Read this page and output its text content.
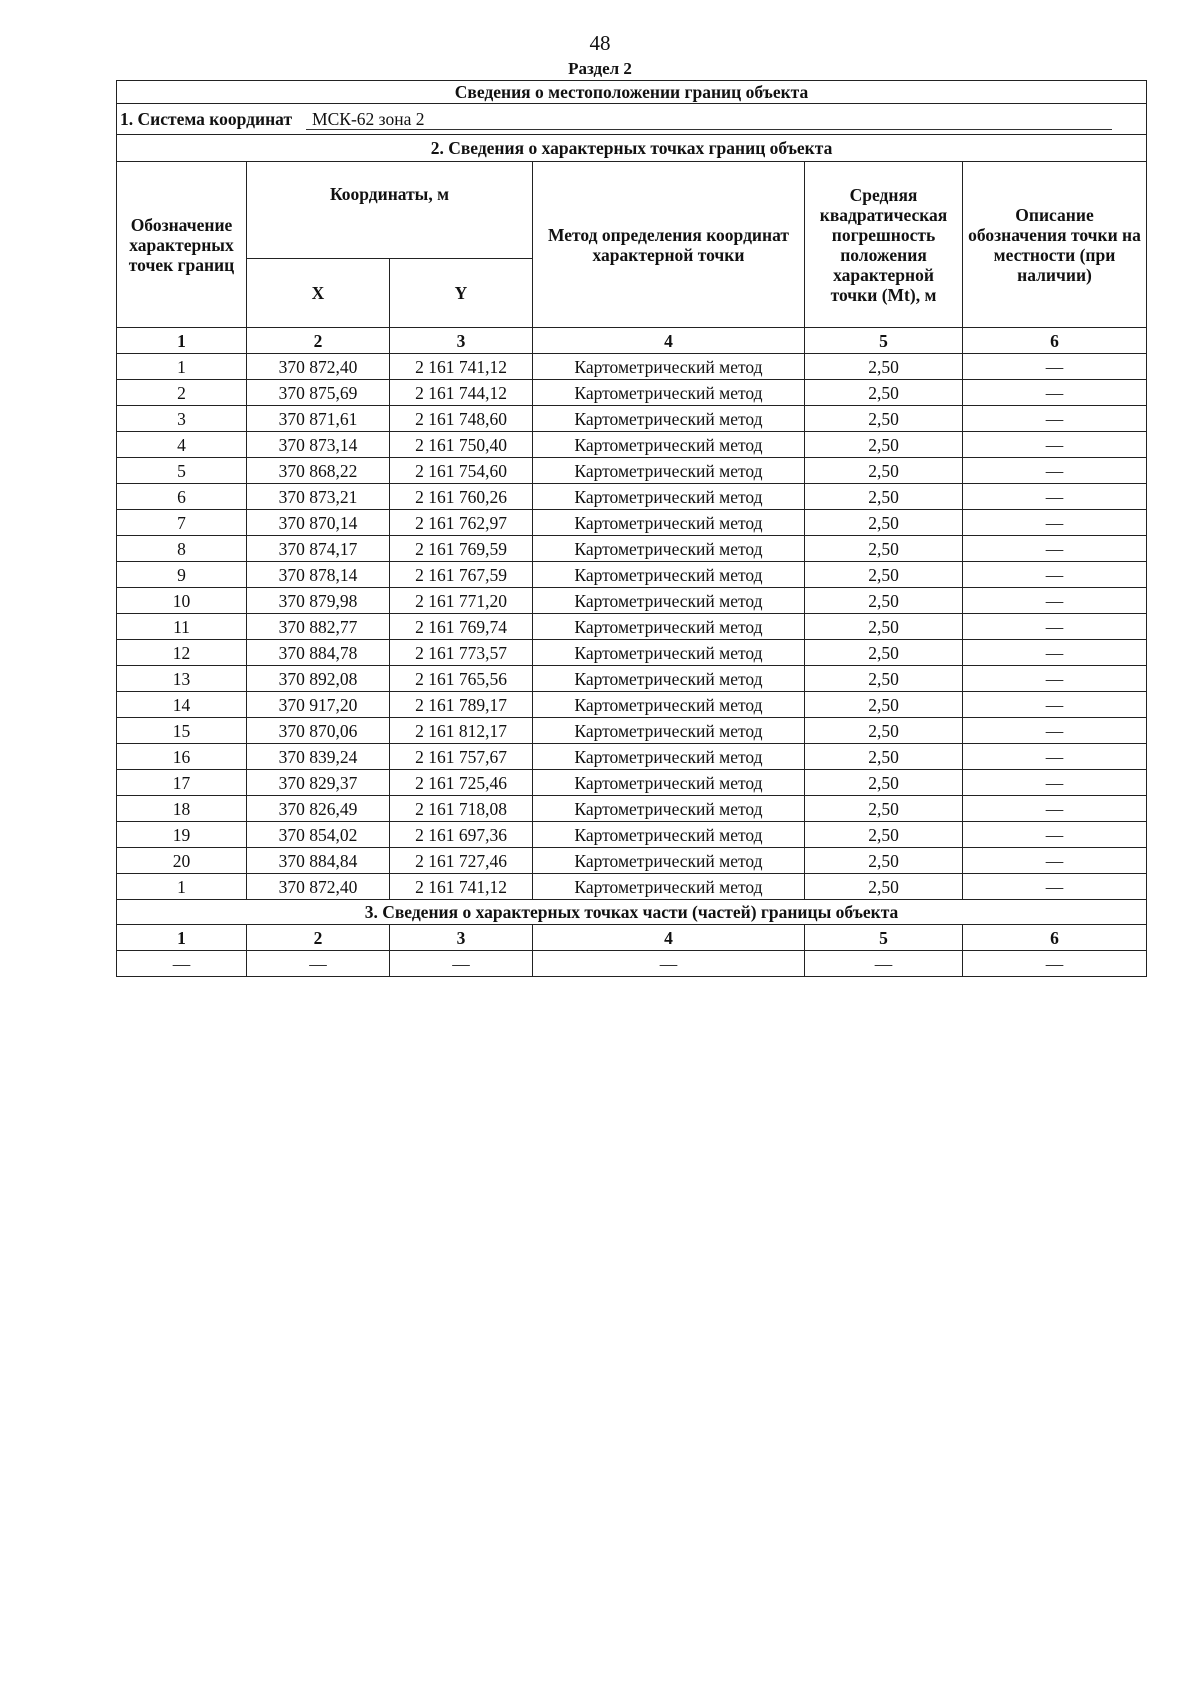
48
Раздел 2
Сведения о местоположении границ объекта					
1. Система координат МСК-62 зона 2					
2. Сведения о характерных точках границ объекта					
Обозначение характерных точек границ	Координаты, м		Метод определения координат характерной точки	Средняя квадратическая погрешность положения характерной точки (Mt), м	Описание обозначения точки на местности (при наличии)
	X	Y			
1	2	3	4	5	6
1	370 872,40	2 161 741,12	Картометрический метод	2,50	—
2	370 875,69	2 161 744,12	Картометрический метод	2,50	—
3	370 871,61	2 161 748,60	Картометрический метод	2,50	—
4	370 873,14	2 161 750,40	Картометрический метод	2,50	—
5	370 868,22	2 161 754,60	Картометрический метод	2,50	—
6	370 873,21	2 161 760,26	Картометрический метод	2,50	—
7	370 870,14	2 161 762,97	Картометрический метод	2,50	—
8	370 874,17	2 161 769,59	Картометрический метод	2,50	—
9	370 878,14	2 161 767,59	Картометрический метод	2,50	—
10	370 879,98	2 161 771,20	Картометрический метод	2,50	—
11	370 882,77	2 161 769,74	Картометрический метод	2,50	—
12	370 884,78	2 161 773,57	Картометрический метод	2,50	—
13	370 892,08	2 161 765,56	Картометрический метод	2,50	—
14	370 917,20	2 161 789,17	Картометрический метод	2,50	—
15	370 870,06	2 161 812,17	Картометрический метод	2,50	—
16	370 839,24	2 161 757,67	Картометрический метод	2,50	—
17	370 829,37	2 161 725,46	Картометрический метод	2,50	—
18	370 826,49	2 161 718,08	Картометрический метод	2,50	—
19	370 854,02	2 161 697,36	Картометрический метод	2,50	—
20	370 884,84	2 161 727,46	Картометрический метод	2,50	—
1	370 872,40	2 161 741,12	Картометрический метод	2,50	—
3. Сведения о характерных точках части (частей) границы объекта					
1	2	3	4	5	6
—	—	—	—	—	—
